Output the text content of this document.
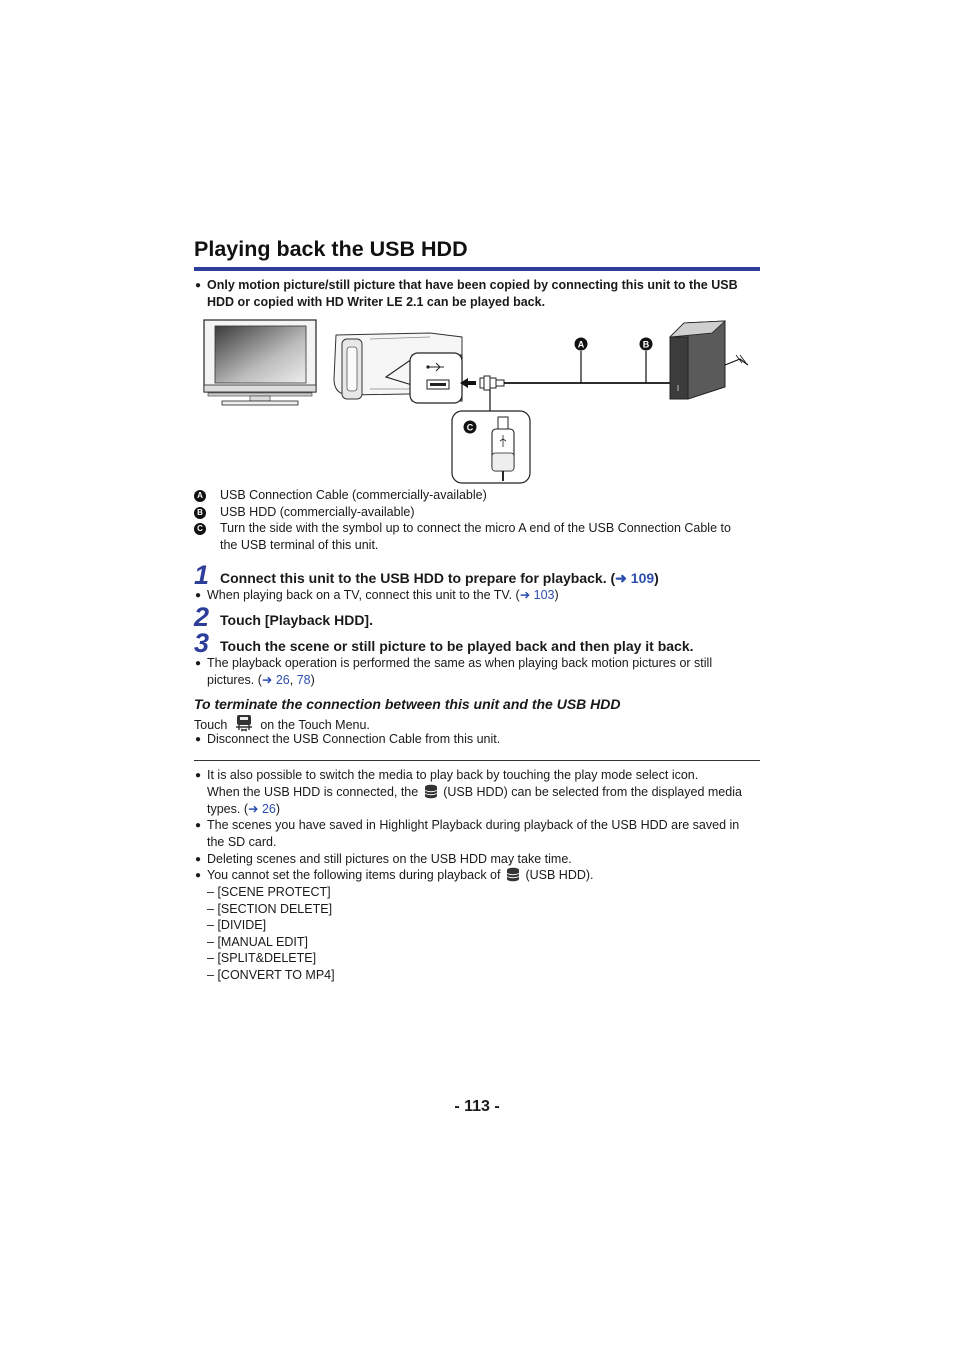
Playing back the USB HDD
● Only motion picture/still picture that have been copied by connecting this unit to the USB
HDD or copied with HD Writer LE 2.1 can be played back.
A	B
C
A USB Connection Cable (commercially-available)
B USB HDD (commercially-available)
C Turn the side with the symbol up to connect the micro A end of the USB Connection Cable to
the USB terminal of this unit.
1 Connect this unit to the USB HDD to prepare for playback. (➜ 109)
● When playing back on a TV, connect this unit to the TV. (➜ 103)
2 Touch [Playback HDD].
3 Touch the scene or still picture to be played back and then play it back.
● The playback operation is performed the same as when playing back motion pictures or still
pictures. (➜ 26, 78)
To terminate the connection between this unit and the USB HDD
Touch	on the Touch Menu.
● Disconnect the USB Connection Cable from this unit.
● It is also possible to switch the media to play back by touching the play mode select icon.
When the USB HDD is connected, the (USB HDD) can be selected from the displayed media
types. (➜ 26)
● The scenes you have saved in Highlight Playback during playback of the USB HDD are saved in
the SD card.
● Deleting scenes and still pictures on the USB HDD may take time.
● You cannot set the following items during playback of (USB HDD).
– [SCENE PROTECT]
– [SECTION DELETE]
– [DIVIDE]
– [MANUAL EDIT]
– [SPLIT&DELETE]
– [CONVERT TO MP4]
- 113 -
